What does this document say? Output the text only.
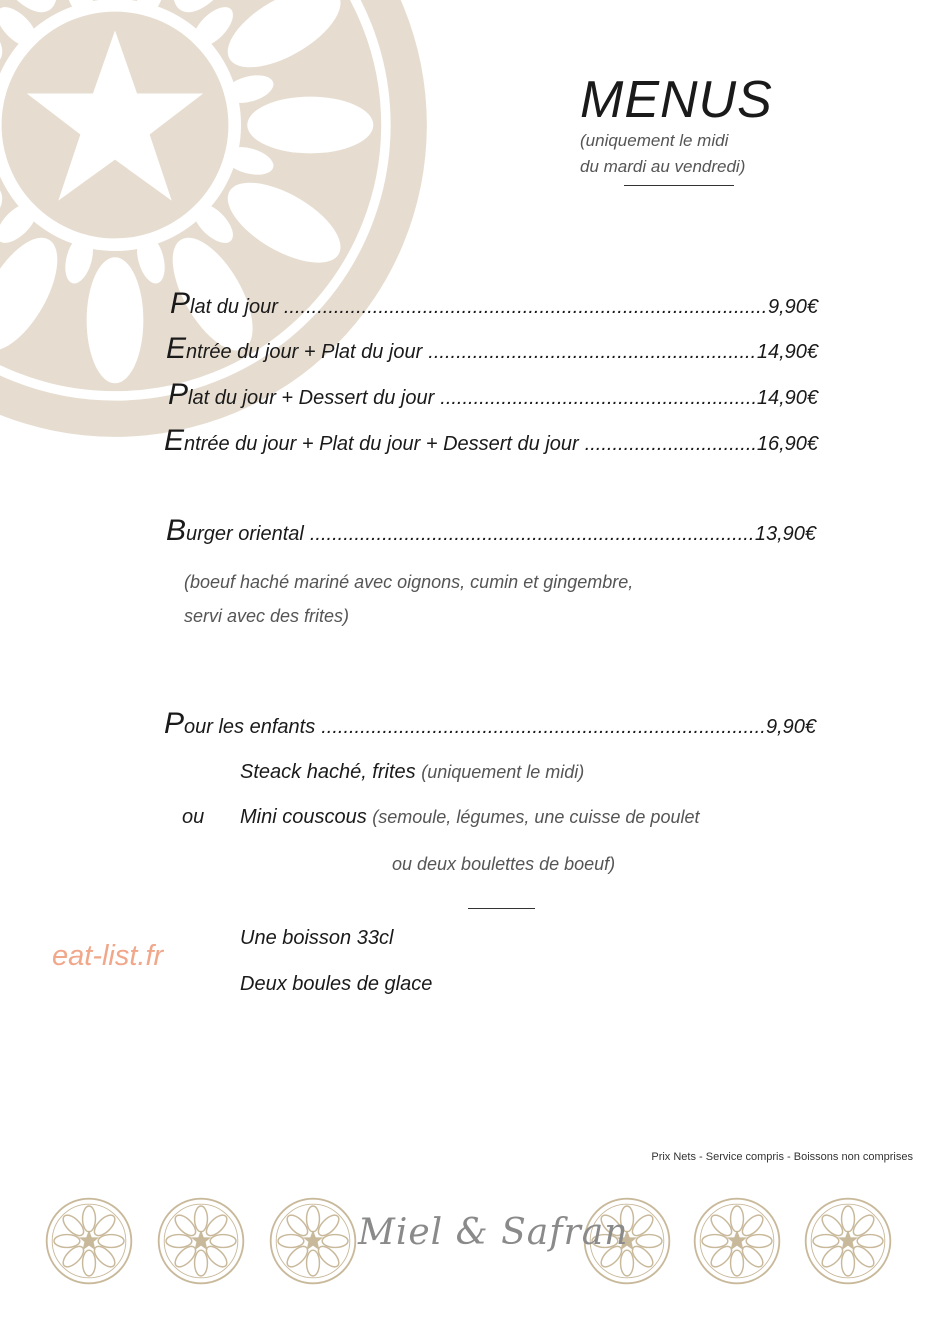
MENUS
(uniquement le midi
du mardi au vendredi)
Plat du jour .....	9,90€
Entrée du jour + Plat du jour .....	14,90€
Plat du jour + Dessert du jour .....	14,90€
Entrée du jour + Plat du jour + Dessert du jour .....	16,90€
Burger oriental .....	13,90€
(boeuf haché mariné avec oignons, cumin et gingembre,
servi avec des frites)
Pour les enfants .....	9,90€
Steack haché, frites (uniquement le midi)
ou Mini couscous (semoule, légumes, une cuisse de poulet
ou deux boulettes de boeuf)
Une boisson 33cl
Deux boules de glace
eat-list.fr
Prix Nets - Service compris - Boissons non comprises
Miel & Safran
